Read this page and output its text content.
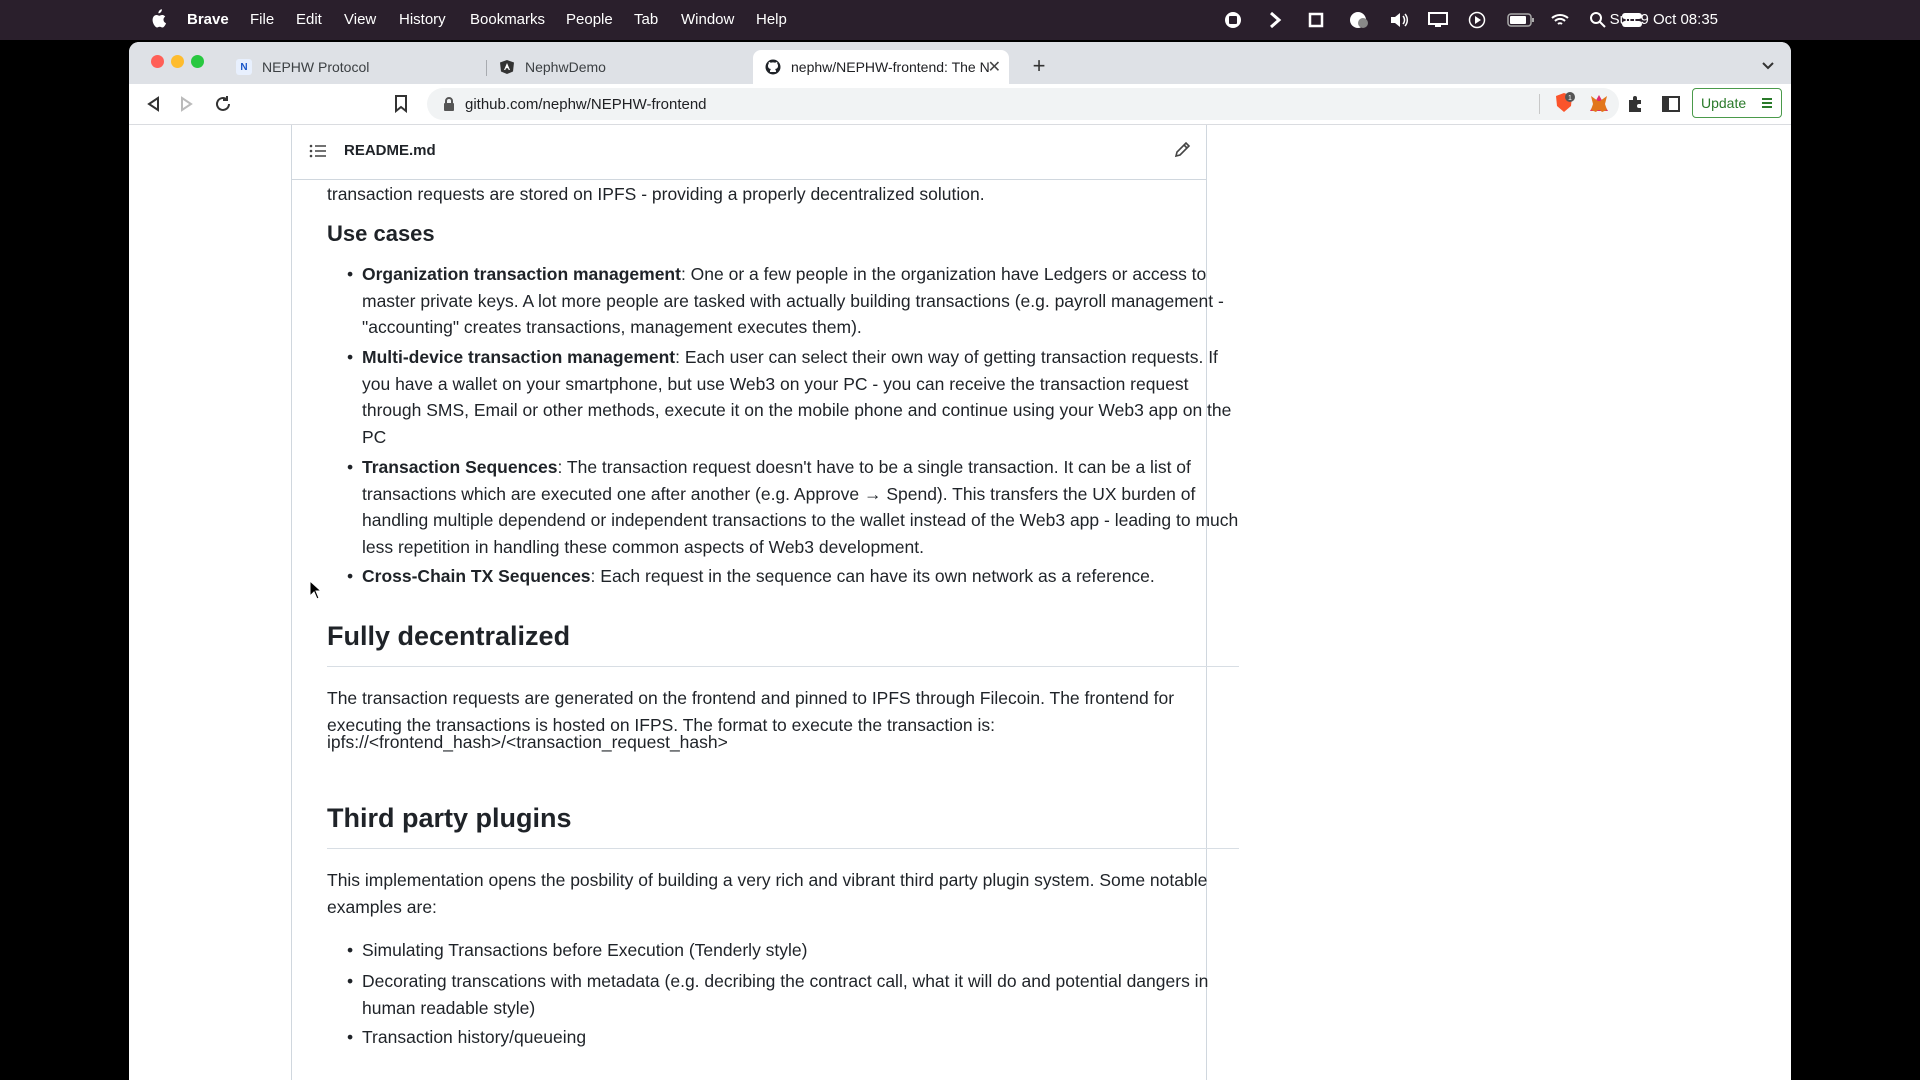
Brave File Edit View History Bookmarks People Tab Window Help	Sun 9 Oct 08:35
N	NEPHW Protocol	NephwDemo	nephw/NEPHW-frontend: The N
✕ +
github.com/nephw/NEPHW-frontend	1	Update

transaction requests are stored on IPFS - providing a properly decentralized solution.

Use cases
• Organization transaction management: One or a few people in the organization have Ledgers or access to master private keys. A lot more people are tasked with actually building transactions (e.g. payroll management - "accounting" creates transactions, management executes them).
• Multi-device transaction management: Each user can select their own way of getting transaction requests. If you have a wallet on your smartphone, but use Web3 on your PC - you can receive the transaction request through SMS, Email or other methods, execute it on the mobile phone and continue using your Web3 app on the PC
• Transaction Sequences: The transaction request doesn't have to be a single transaction. It can be a list of transactions which are executed one after another (e.g. Approve → Spend). This transfers the UX burden of handling multiple dependend or independent transactions to the wallet instead of the Web3 app - leading to much less repetition in handling these common aspects of Web3 development.
• Cross-Chain TX Sequences: Each request in the sequence can have its own network as a reference.
Fully decentralized

The transaction requests are generated on the frontend and pinned to IPFS through Filecoin. The frontend for executing the transactions is hosted on IFPS. The format to execute the transaction is:

ipfs://<frontend_hash>/<transaction_request_hash>

Third party plugins

This implementation opens the posbility of building a very rich and vibrant third party plugin system. Some notable examples are:

• Simulating Transactions before Execution (Tenderly style)
• Decorating transcations with metadata (e.g. decribing the contract call, what it will do and potential dangers in human readable style)
• Transaction history/queueing
README.md
